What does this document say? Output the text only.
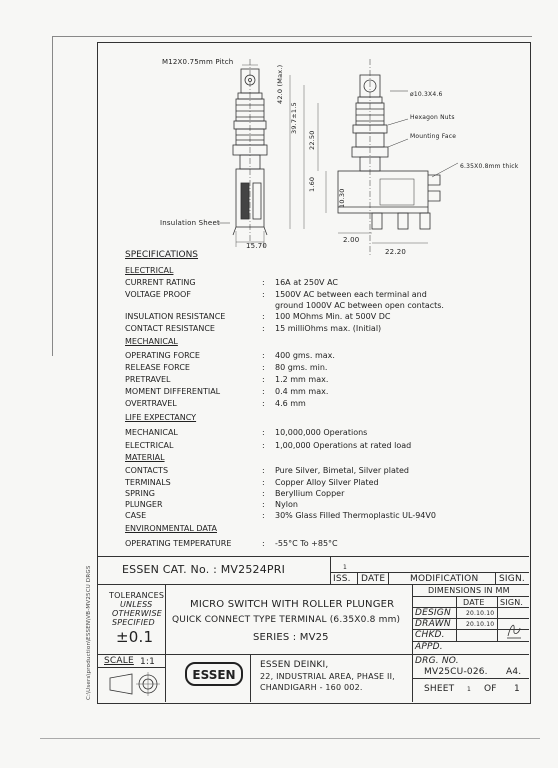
M12X0.75mm Pitch
Insulation Sheet
15.70
ø10.3X4.6
Hexagon Nuts
Mounting Face
6.35X0.8mm thick
42.0 (Max.)
39.7±1.5
22.50
1.60
10.30
2.00
22.20
SPECIFICATIONS
ELECTRICAL
CURRENT RATING	: 16A at 250V AC
VOLTAGE PROOF	: 1500V AC between each terminal and
ground 1000V AC between open contacts.
INSULATION RESISTANCE	: 100 MOhms Min. at 500V DC
CONTACT RESISTANCE	: 15 milliOhms max. (Initial)
MECHANICAL
OPERATING FORCE	: 400 gms. max.
RELEASE FORCE	: 80 gms. min.
PRETRAVEL	: 1.2 mm max.
MOMENT DIFFERENTIAL	: 0.4 mm max.
OVERTRAVEL	: 4.6 mm
LIFE EXPECTANCY
MECHANICAL	: 10,000,000 Operations
ELECTRICAL	: 1,00,000 Operations at rated load
MATERIAL
CONTACTS	: Pure Silver, Bimetal, Silver plated
TERMINALS	: Copper Alloy Silver Plated
SPRING	: Beryllium Copper
PLUNGER	: Nylon
CASE	: 30% Glass Filled Thermoplastic UL-94V0
ENVIRONMENTAL DATA
OPERATING TEMPERATURE	: -55°C To +85°C
ESSEN CAT. No. : MV2524PRI	1
ISS. DATE	MODIFICATION SIGN.
TOLERANCES
UNLESS
OTHERWISE
SPECIFIED
±0.1
MICRO SWITCH WITH ROLLER PLUNGER
QUICK CONNECT TYPE TERMINAL (6.35X0.8 mm)
SERIES : MV25
DIMENSIONS IN MM
DATE SIGN.
DESIGN	20.10.10
DRAWN	20.10.10
CHKD.
APPD.
SCALE 1:1
ESSEN
ESSEN DEINKI,
22, INDUSTRIAL AREA, PHASE II,
CHANDIGARH - 160 002.
DRG. NO.
MV25CU-026. A4.
SHEET 1 OF 1
C:\Users\production\ESSEN\VB-MV25CU DRGS
